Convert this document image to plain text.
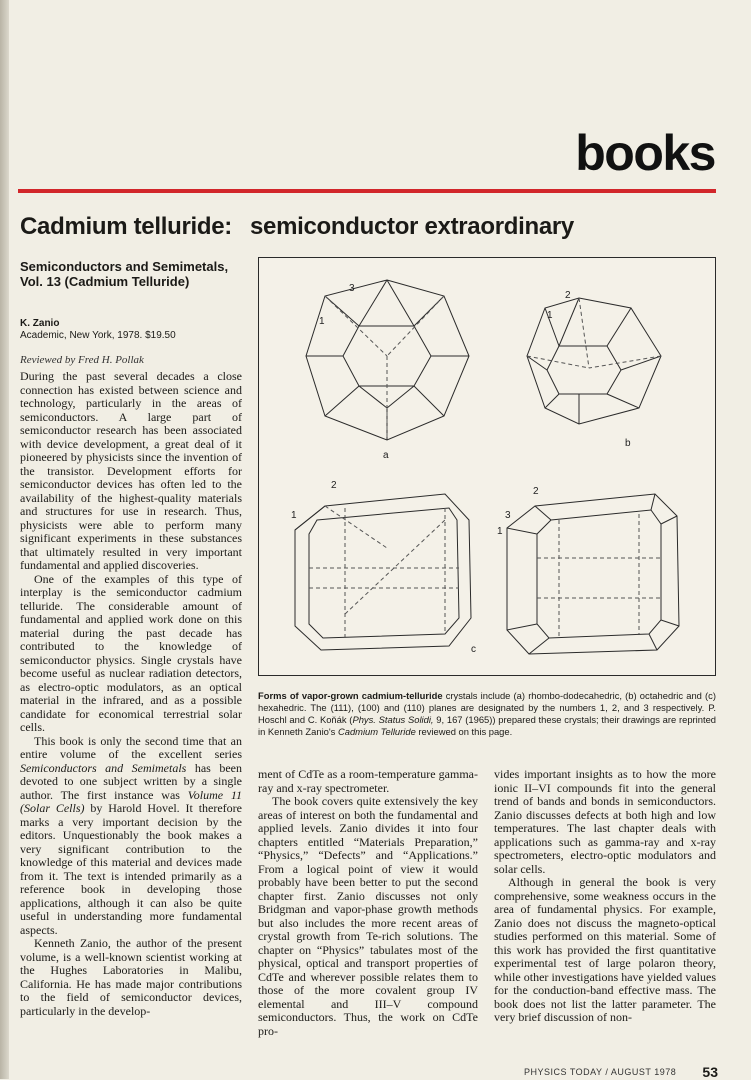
books
Cadmium telluride: semiconductor extraordinary
Semiconductors and Semimetals,
Vol. 13 (Cadmium Telluride)
K. Zanio
Academic, New York, 1978. $19.50
Reviewed by Fred H. Pollak

During the past several decades a close connection has existed between science and technology, particularly in the areas of semiconductors. A large part of semiconductor research has been associated with device development, a great deal of it pioneered by physicists since the invention of the transistor. Development efforts for semiconductor devices has often led to the availability of the highest-quality materials and structures for use in research. Thus, physicists were able to perform many significant experiments in these substances that ultimately resulted in very important fundamental and applied discoveries.

One of the examples of this type of interplay is the semiconductor cadmium telluride. The considerable amount of fundamental and applied work done on this material during the past decade has contributed to the knowledge of semiconductor physics. Single crystals have become useful as nuclear radiation detectors, as electro-optic modulators, as an optical material in the infrared, and as a possible candidate for economical terrestrial solar cells.

This book is only the second time that an entire volume of the excellent series Semiconductors and Semimetals has been devoted to one subject written by a single author. The first instance was Volume 11 (Solar Cells) by Harold Hovel. It therefore marks a very important decision by the editors. Unquestionably the book makes a very significant contribution to the knowledge of this material and devices made from it. The text is intended primarily as a reference book in developing those applications, although it can also be quite useful in understanding more fundamental aspects.

Kenneth Zanio, the author of the present volume, is a well-known scientist working at the Hughes Laboratories in Malibu, California. He has made major contributions to the field of semiconductor devices, particularly in the develop-

3
1
a
2
1
b
2
1
c
2
3
1
Forms of vapor-grown cadmium-telluride crystals include (a) rhombo-dodecahedric, (b) octahedric and (c) hexahedric. The (111), (100) and (110) planes are designated by the numbers 1, 2, and 3 respectively. P. Hoschl and C. Koňák (Phys. Status Solidi, 9, 167 (1965)) prepared these crystals; their drawings are reprinted in Kenneth Zanio's Cadmium Telluride reviewed on this page.

ment of CdTe as a room-temperature gamma-ray and x-ray spectrometer.

The book covers quite extensively the key areas of interest on both the fundamental and applied levels. Zanio divides it into four chapters entitled “Materials Preparation,” “Physics,” “Defects” and “Applications.” From a logical point of view it would probably have been better to put the second chapter first. Zanio discusses not only Bridgman and vapor-phase growth methods but also includes the more recent areas of crystal growth from Te-rich solutions. The chapter on “Physics” tabulates most of the physical, optical and transport properties of CdTe and wherever possible relates them to those of the more covalent group IV elemental and III–V compound semiconductors. Thus, the work on CdTe pro-

vides important insights as to how the more ionic II–VI compounds fit into the general trend of bands and bonds in semiconductors. Zanio discusses defects at both high and low temperatures. The last chapter deals with applications such as gamma-ray and x-ray spectrometers, electro-optic modulators and solar cells.

Although in general the book is very comprehensive, some weakness occurs in the area of fundamental physics. For example, Zanio does not discuss the magneto-optical studies performed on this material. Some of this work has provided the first quantitative experimental test of large polaron theory, while other investigations have yielded values for the conduction-band effective mass. The book does not list the latter parameter. The very brief discussion of non-

PHYSICS TODAY / AUGUST 1978 53
